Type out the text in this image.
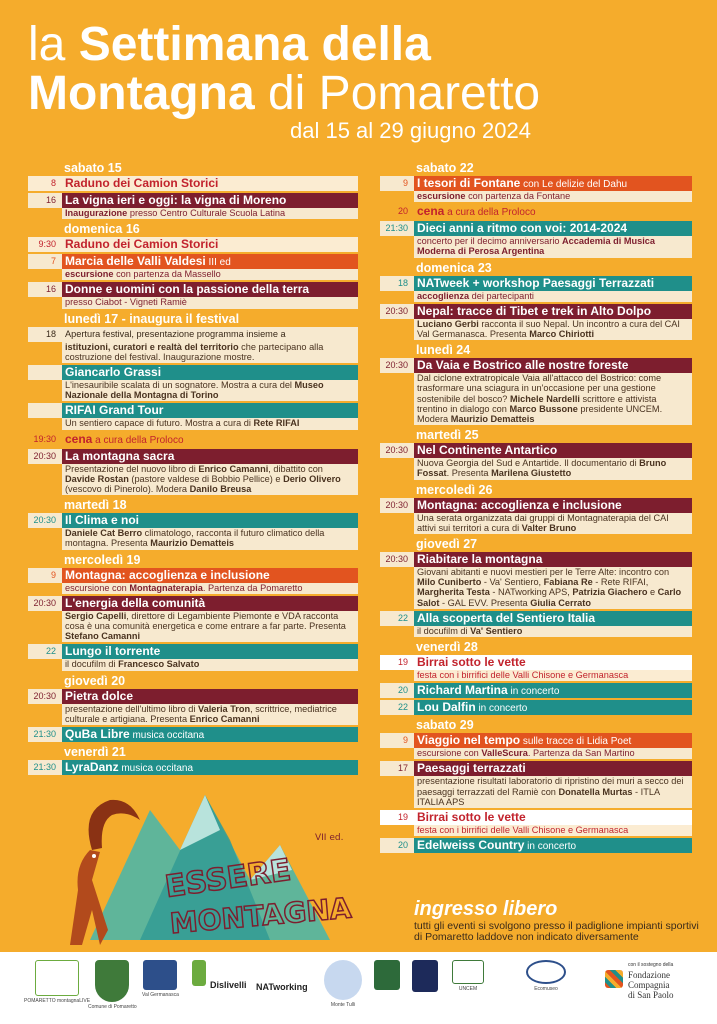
la Settimana della
Montagna di Pomaretto
dal 15 al 29 giugno 2024
sabato 15
8 Raduno dei Camion Storici
16 La vigna ieri e oggi: la vigna di Moreno
Inaugurazione presso Centro Culturale Scuola Latina
domenica 16
9:30 Raduno dei Camion Storici
7 Marcia delle Valli Valdesi III ed
escursione con partenza da Massello
16 Donne e uomini con la passione della terra
presso Ciabot - Vigneti Ramiè
lunedì 17 - inaugura il festival
18 Apertura festival, presentazione programma insieme a
istituzioni, curatori e realtà del territorio che partecipano alla costruzione del festival. Inaugurazione mostre.
Giancarlo Grassi
L'inesauribile scalata di un sognatore. Mostra a cura del Museo Nazionale della Montagna di Torino
RIFAI Grand Tour
Un sentiero capace di futuro. Mostra a cura di Rete RIFAI
19:30 cena a cura della Proloco
20:30 La montagna sacra
Presentazione del nuovo libro di Enrico Camanni, dibattito con Davide Rostan (pastore valdese di Bobbio Pellice) e Derio Olivero (vescovo di Pinerolo). Modera Danilo Breusa
martedì 18
20:30 Il Clima e noi
Daniele Cat Berro climatologo, racconta il futuro climatico della montagna. Presenta Maurizio Dematteis
mercoledì 19
9 Montagna: accoglienza e inclusione
escursione con Montagnaterapia. Partenza da Pomaretto
20:30 L'energia della comunità
Sergio Capelli, direttore di Legambiente Piemonte e VDA racconta cosa è una comunità energetica e come entrare a far parte. Presenta Stefano Camanni
22 Lungo il torrente
il docufilm di Francesco Salvato
giovedì 20
20:30 Pietra dolce
presentazione dell'ultimo libro di Valeria Tron, scrittrice, mediatrice culturale e artigiana. Presenta Enrico Camanni
21:30 QuBa Libre musica occitana
venerdì 21
21:30 LyraDanz musica occitana
sabato 22
9 I tesori di Fontane con Le delizie del Dahu
escursione con partenza da Fontane
20 cena a cura della Proloco
21:30 Dieci anni a ritmo con voi: 2014-2024
concerto per il decimo anniversario Accademia di Musica Moderna di Perosa Argentina
domenica 23
18 NATweek + workshop Paesaggi Terrazzati
accoglienza dei partecipanti
20:30 Nepal: tracce di Tibet e trek in Alto Dolpo
Luciano Gerbi racconta il suo Nepal. Un incontro a cura del CAI Val Germanasca. Presenta Marco Chiriotti
lunedì 24
20:30 Da Vaia e Bostrico alle nostre foreste
Dal ciclone extratropicale Vaia all'attacco del Bostrico: come trasformare una sciagura in un'occasione per una gestione sostenibile del bosco? Michele Nardelli scrittore e attivista trentino in dialogo con Marco Bussone presidente UNCEM. Modera Maurizio Dematteis
martedì 25
20:30 Nel Continente Antartico
Nuova Georgia del Sud e Antartide. Il documentario di Bruno Fossat. Presenta Marilena Giustetto
mercoledì 26
20:30 Montagna: accoglienza e inclusione
Una serata organizzata dai gruppi di Montagnaterapia del CAI attivi sui territori a cura di Valter Bruno
giovedì 27
20:30 Riabitare la montagna
Giovani abitanti e nuovi mestieri per le Terre Alte: incontro con Milo Cuniberto - Va' Sentiero, Fabiana Re - Rete RIFAI, Margherita Testa - NATworking APS, Patrizia Giachero e Carlo Salot - GAL EVV. Presenta Giulia Cerrato
22 Alla scoperta del Sentiero Italia
il docufilm di Va' Sentiero
venerdì 28
19 Birrai sotto le vette
festa con i birrifici delle Valli Chisone e Germanasca
20 Richard Martina in concerto
22 Lou Dalfin in concerto
sabato 29
9 Viaggio nel tempo sulle tracce di Lidia Poet
escursione con ValleScura. Partenza da San Martino
17 Paesaggi terrazzati
presentazione risultati laboratorio di ripristino dei muri a secco dei paesaggi terrazzati del Ramiè con Donatella Murtas - ITLA ITALIA APS
19 Birrai sotto le vette
festa con i birrifici delle Valli Chisone e Germanasca
20 Edelweiss Country in concerto
ESSERE
MONTAGNA
VII ed.
ingresso libero
tutti gli eventi si svolgono presso il padiglione impianti sportivi di Pomaretto laddove non indicato diversamente
POMARETTO montagnaLIVE
Comune di Pomaretto
Val Germanasca
Dislivelli NATworking
Monte Tulli
UNCEM	Ecomuseo
con il sostegno della
Fondazione
Compagnia
di San Paolo
